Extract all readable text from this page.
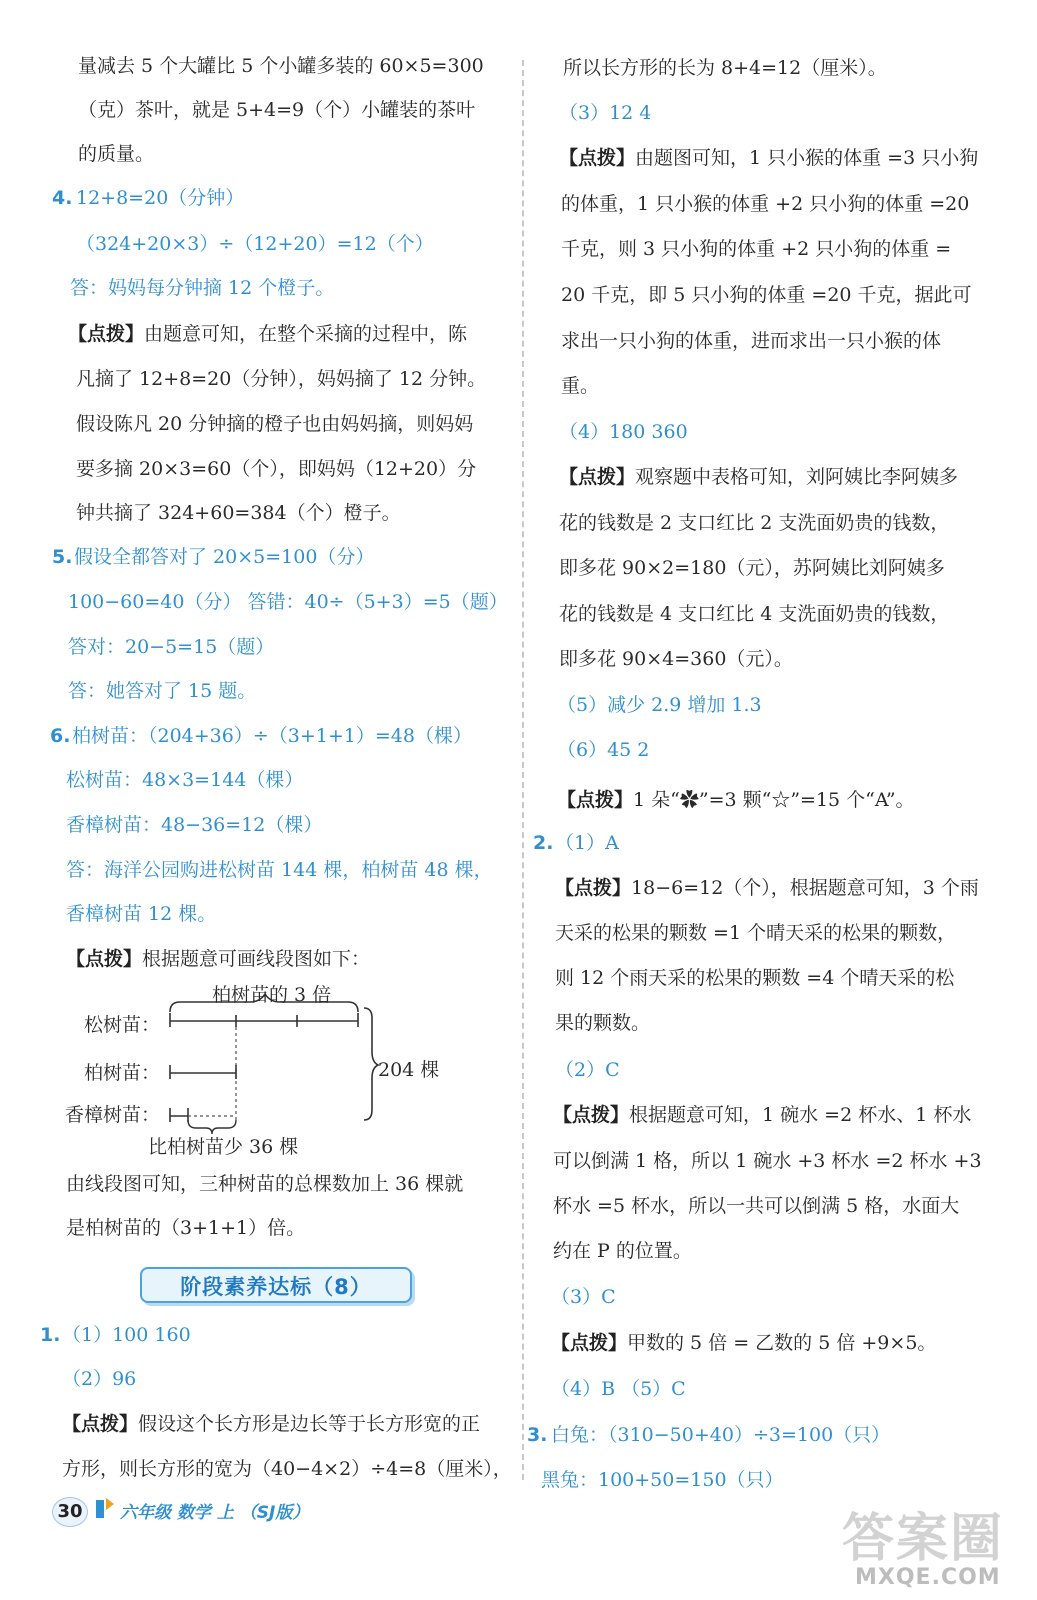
量减去 5 个大罐比 5 个小罐多装的 60×5=300
（克）茶叶，就是 5+4=9（个）小罐装的茶叶
的质量。
4. 12+8=20（分钟）
（324+20×3）÷（12+20）=12（个）
答：妈妈每分钟摘 12 个橙子。
【点拨】由题意可知，在整个采摘的过程中，陈
凡摘了 12+8=20（分钟），妈妈摘了 12 分钟。
假设陈凡 20 分钟摘的橙子也由妈妈摘，则妈妈
要多摘 20×3=60（个），即妈妈（12+20）分
钟共摘了 324+60=384（个）橙子。
5. 假设全都答对了 20×5=100（分）
100−60=40（分） 答错：40÷（5+3）=5（题）
答对：20−5=15（题）
答：她答对了 15 题。
6. 柏树苗：（204+36）÷（3+1+1）=48（棵）
松树苗：48×3=144（棵）
香樟树苗：48−36=12（棵）
答：海洋公园购进松树苗 144 棵，柏树苗 48 棵，
香樟树苗 12 棵。
【点拨】根据题意可画线段图如下：
柏树苗的 3 倍
松树苗：
柏树苗：
香樟树苗：
204 棵
比柏树苗少 36 棵
由线段图可知，三种树苗的总棵数加上 36 棵就
是柏树苗的（3+1+1）倍。
阶段素养达标（8）
1. （1）100 160
（2）96
【点拨】假设这个长方形是边长等于长方形宽的正
方形，则长方形的宽为（40−4×2）÷4=8（厘米），
所以长方形的长为 8+4=12（厘米）。
（3）12 4
【点拨】由题图可知，1 只小猴的体重 =3 只小狗
的体重，1 只小猴的体重 +2 只小狗的体重 =20
千克，则 3 只小狗的体重 +2 只小狗的体重 =
20 千克，即 5 只小狗的体重 =20 千克，据此可
求出一只小狗的体重，进而求出一只小猴的体
重。
（4）180 360
【点拨】观察题中表格可知，刘阿姨比李阿姨多
花的钱数是 2 支口红比 2 支洗面奶贵的钱数，
即多花 90×2=180（元），苏阿姨比刘阿姨多
花的钱数是 4 支口红比 4 支洗面奶贵的钱数，
即多花 90×4=360（元）。
（5）减少 2.9 增加 1.3
（6）45 2
【点拨】1 朵“✿”=3 颗“☆”=15 个“A”。
2. （1）A
【点拨】18−6=12（个），根据题意可知，3 个雨
天采的松果的颗数 =1 个晴天采的松果的颗数，
则 12 个雨天采的松果的颗数 =4 个晴天采的松
果的颗数。
（2）C
【点拨】根据题意可知，1 碗水 =2 杯水、1 杯水
可以倒满 1 格，所以 1 碗水 +3 杯水 =2 杯水 +3
杯水 =5 杯水，所以一共可以倒满 5 格，水面大
约在 P 的位置。
（3）C
【点拨】甲数的 5 倍 = 乙数的 5 倍 +9×5。
（4）B （5）C
3. 白兔：（310−50+40）÷3=100（只）
黑兔：100+50=150（只）
30	六年级 数学 上 （SJ版）	答案圈
MXQE.COM
